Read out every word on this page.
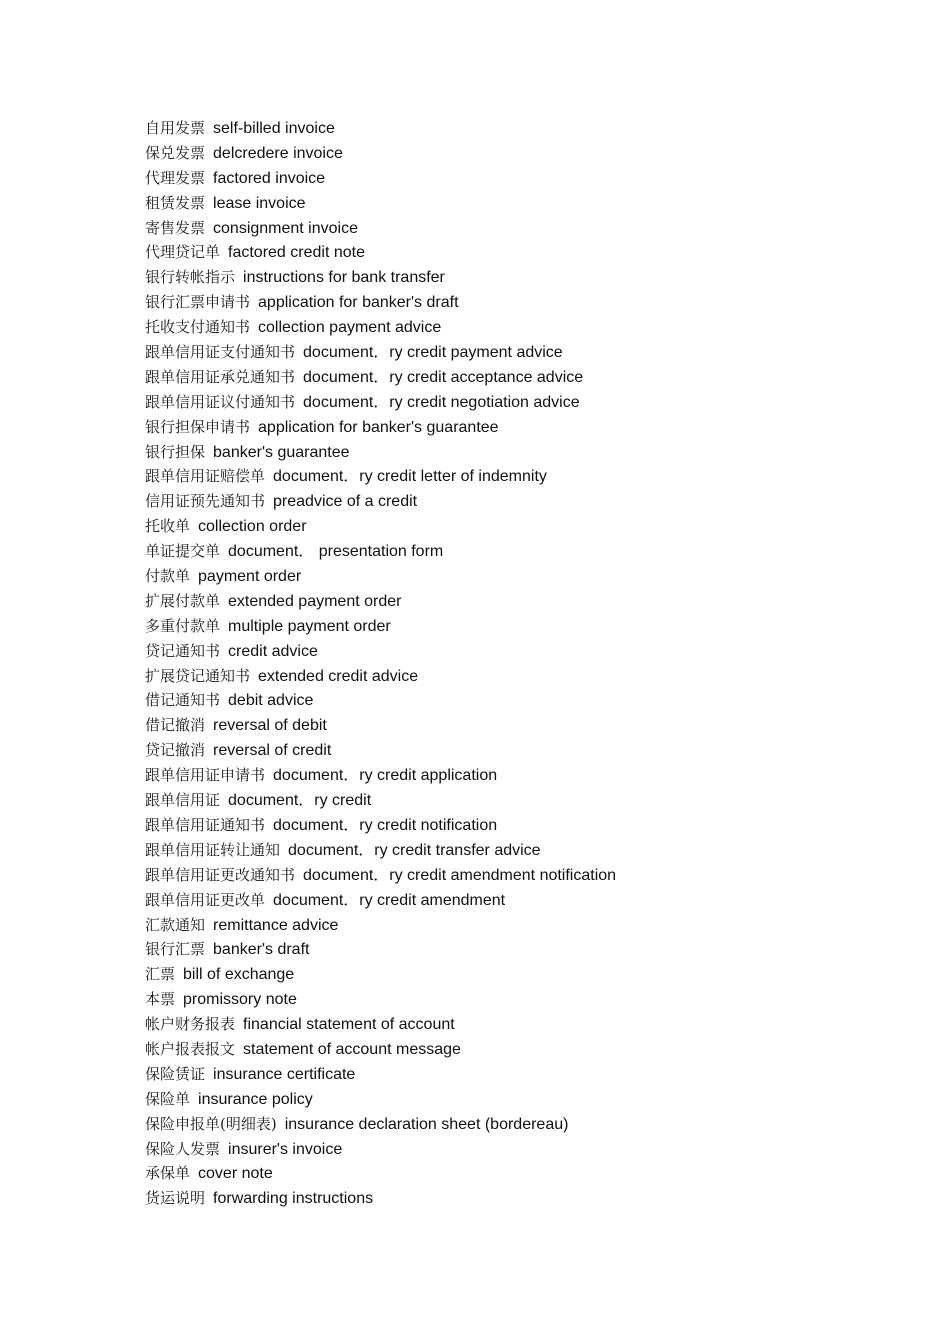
自用发票 self-billed invoice
保兑发票 delcredere invoice
代理发票 factored invoice
租赁发票 lease invoice
寄售发票 consignment invoice
代理贷记单 factored credit note
银行转帐指示 instructions for bank transfer
银行汇票申请书 application for banker's draft
托收支付通知书 collection payment advice
跟单信用证支付通知书 document．ry credit payment advice
跟单信用证承兑通知书 document．ry credit acceptance advice
跟单信用证议付通知书 document．ry credit negotiation advice
银行担保申请书 application for banker's guarantee
银行担保 banker's guarantee
跟单信用证赔偿单 document．ry credit letter of indemnity
信用证预先通知书 preadvice of a credit
托收单 collection order
单证提交单 document． presentation form
付款单 payment order
扩展付款单 extended payment order
多重付款单 multiple payment order
贷记通知书 credit advice
扩展贷记通知书 extended credit advice
借记通知书 debit advice
借记撤消 reversal of debit
贷记撤消 reversal of credit
跟单信用证申请书 document．ry credit application
跟单信用证 document．ry credit
跟单信用证通知书 document．ry credit notification
跟单信用证转让通知 document．ry credit transfer advice
跟单信用证更改通知书 document．ry credit amendment notification
跟单信用证更改单 document．ry credit amendment
汇款通知 remittance advice
银行汇票 banker's draft
汇票 bill of exchange
本票 promissory note
帐户财务报表 financial statement of account
帐户报表报文 statement of account message
保险赁证 insurance certificate
保险单 insurance policy
保险申报单(明细表) insurance declaration sheet (bordereau)
保险人发票 insurer's invoice
承保单 cover note
货运说明 forwarding instructions
